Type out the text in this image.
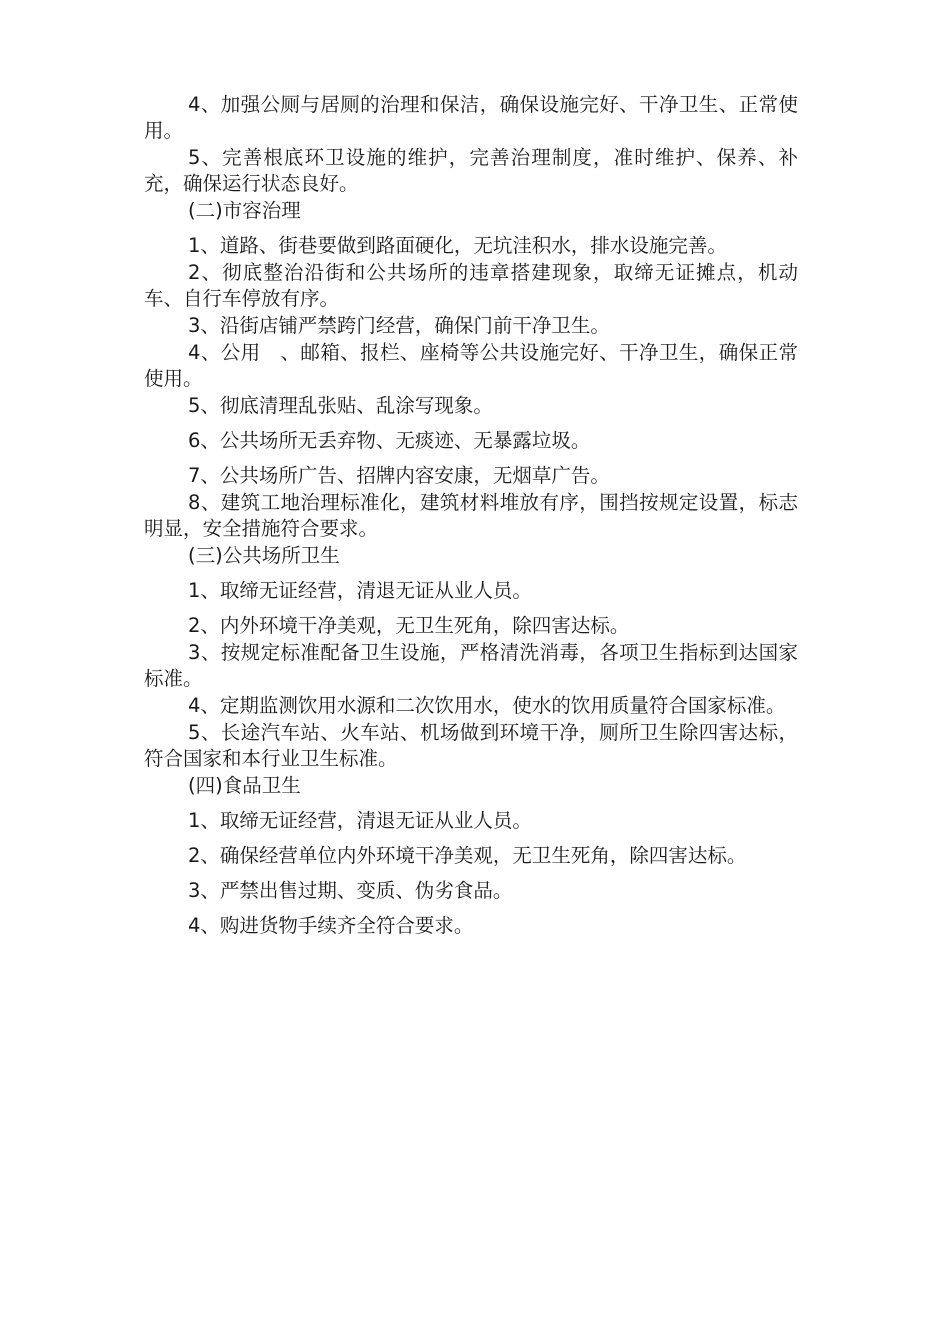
4、加强公厕与居厕的治理和保洁，确保设施完好、干净卫生、正常使用。

5、完善根底环卫设施的维护，完善治理制度，准时维护、保养、补充，确保运行状态良好。

(二)市容治理

1、道路、街巷要做到路面硬化，无坑洼积水，排水设施完善。

2、彻底整治沿街和公共场所的违章搭建现象，取缔无证摊点，机动车、自行车停放有序。

3、沿街店铺严禁跨门经营，确保门前干净卫生。

4、公用　、邮箱、报栏、座椅等公共设施完好、干净卫生，确保正常使用。

5、彻底清理乱张贴、乱涂写现象。

6、公共场所无丢弃物、无痰迹、无暴露垃圾。

7、公共场所广告、招牌内容安康，无烟草广告。

8、建筑工地治理标准化，建筑材料堆放有序，围挡按规定设置，标志明显，安全措施符合要求。

(三)公共场所卫生

1、取缔无证经营，清退无证从业人员。

2、内外环境干净美观，无卫生死角，除四害达标。

3、按规定标准配备卫生设施，严格清洗消毒，各项卫生指标到达国家标准。

4、定期监测饮用水源和二次饮用水，使水的饮用质量符合国家标准。

5、长途汽车站、火车站、机场做到环境干净，厕所卫生除四害达标，符合国家和本行业卫生标准。

(四)食品卫生

1、取缔无证经营，清退无证从业人员。

2、确保经营单位内外环境干净美观，无卫生死角，除四害达标。

3、严禁出售过期、变质、伪劣食品。

4、购进货物手续齐全符合要求。
